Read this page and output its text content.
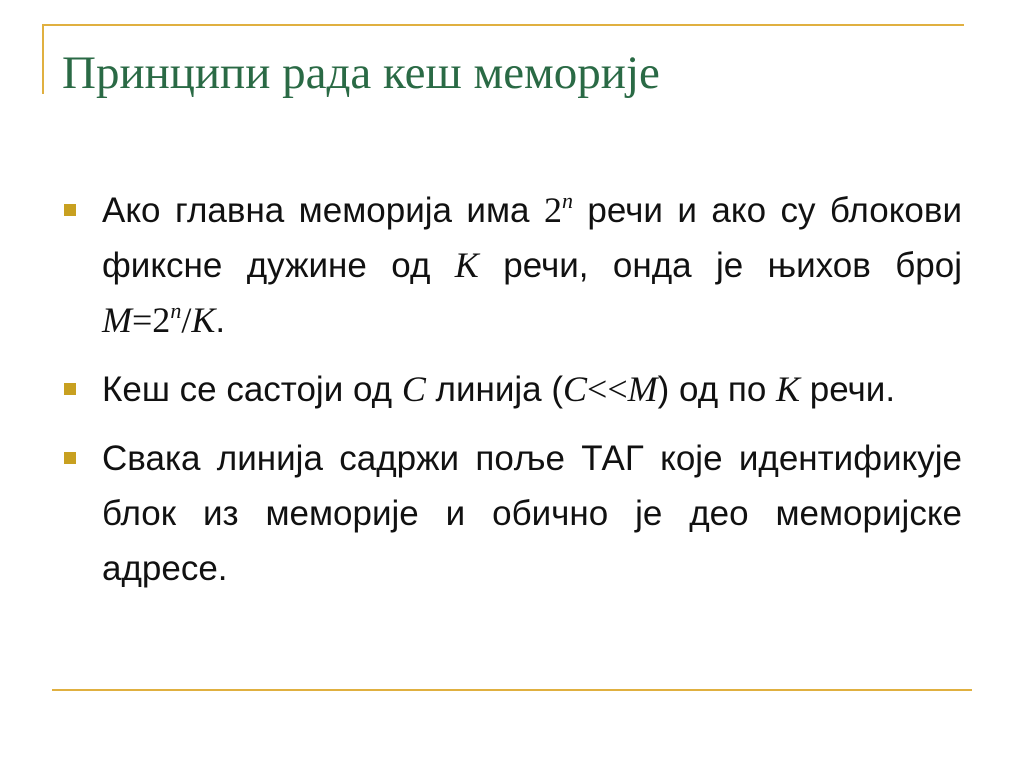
Принципи рада кеш меморије
Ако главна меморија има 2$^n$ речи и ако су блокови фиксне дужине од K речи, онда је њихов број $M=2^n/K$.
Кеш се састоји од C линија (C<<M) од по K речи.
Свака линија садржи поље ТАГ које идентификује блок из меморије и обично је део меморијске адресе.
